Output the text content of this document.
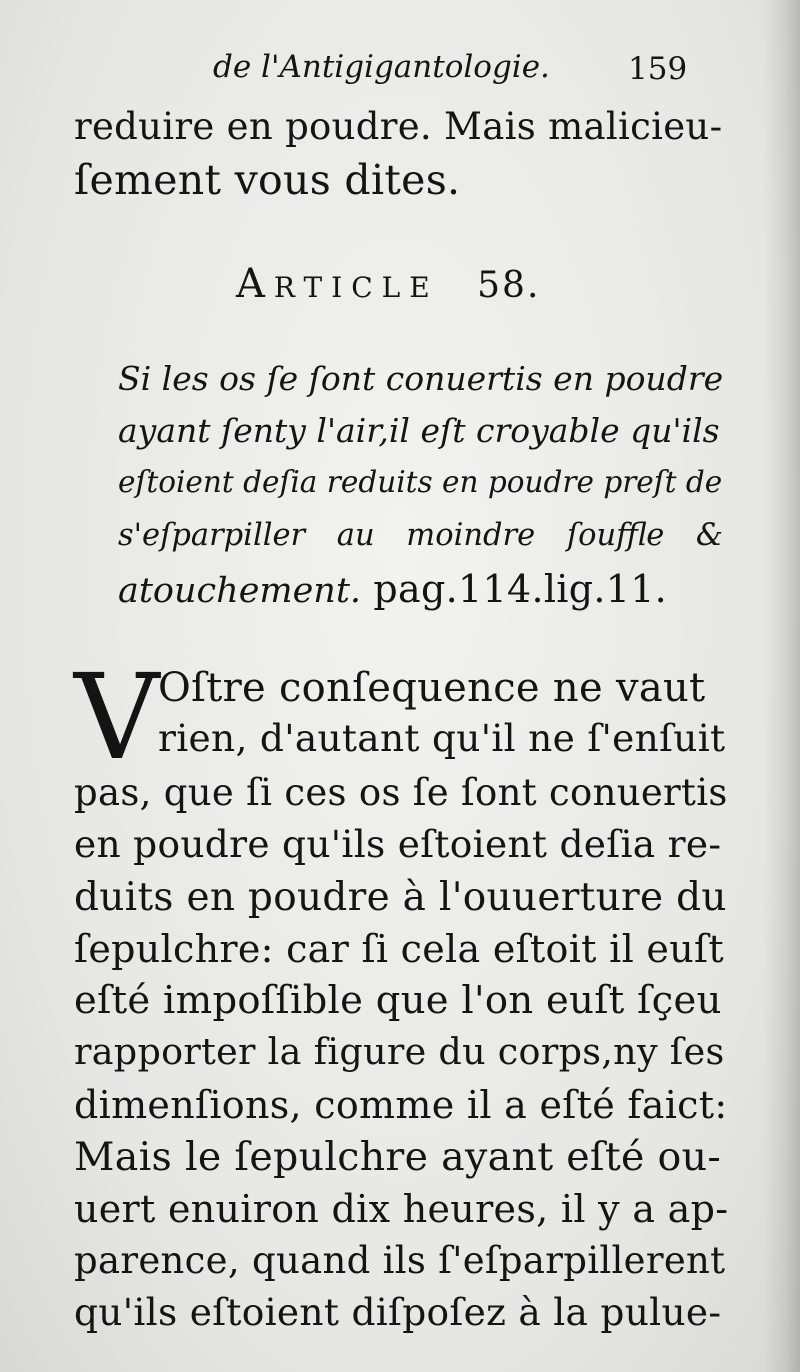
de l'Antigigantologie.	159
reduire en poudre. Mais malicieu-
ſement vous dites.
ARTICLE 58.
Si les os ſe ſont conuertis en poudre
ayant ſenty l'air,il eſt croyable qu'ils
eſtoient deſia reduits en poudre preſt de
s'eſparpiller au moindre ſouffle &
atouchement. pag.114.lig.11.
V
Oſtre conſequence ne vaut
rien, d'autant qu'il ne ſ'enſuit
pas, que ſi ces os ſe ſont conuertis
en poudre qu'ils eſtoient deſia re-
duits en poudre à l'ouuerture du
ſepulchre: car ſi cela eſtoit il euſt
eſté impoſſible que l'on euſt ſçeu
rapporter la figure du corps,ny ſes
dimenſions, comme il a eſté faict:
Mais le ſepulchre ayant eſté ou-
uert enuiron dix heures, il y a ap-
parence, quand ils ſ'eſparpillerent
qu'ils eſtoient diſpoſez à la pulue-
